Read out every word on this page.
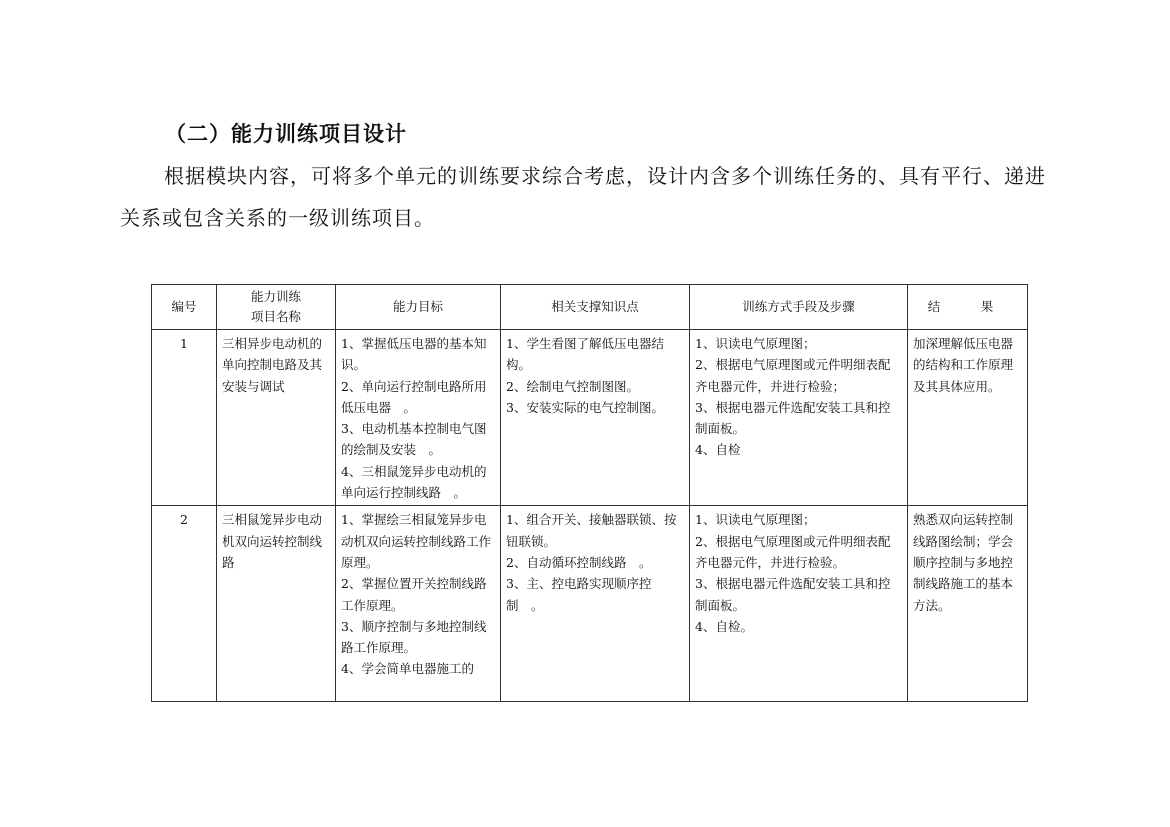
（二）能力训练项目设计

根据模块内容，可将多个单元的训练要求综合考虑，设计内含多个训练任务的、具有平行、递进关系或包含关系的一级训练项目。

编号	能力训练
项目名称	能力目标	相关支撑知识点	训练方式手段及步骤	结　果
1	三相异步电动机的单向控制电路及其安装与调试	1、掌握低压电器的基本知识。
2、单向运行控制电路所用低压电器　。
3、电动机基本控制电气图的绘制及安装　。
4、三相鼠笼异步电动机的单向运行控制线路　。	1、学生看图了解低压电器结构。
2、绘制电气控制图图。
3、安装实际的电气控制图。	1、识读电气原理图；
2、根据电气原理图或元件明细表配齐电器元件，并进行检验；
3、根据电器元件选配安装工具和控制面板。
4、自检	加深理解低压电器的结构和工作原理及其具体应用。
2	三相鼠笼异步电动机双向运转控制线路	1、掌握绘三相鼠笼异步电动机双向运转控制线路工作原理。
2、掌握位置开关控制线路
工作原理。
3、顺序控制与多地控制线路工作原理。
4、学会简单电器施工的	1、组合开关、接触器联锁、按钮联锁。
2、自动循环控制线路　。
3、主、控电路实现顺序控制　。	1、识读电气原理图；
2、根据电气原理图或元件明细表配齐电器元件，并进行检验。
3、根据电器元件选配安装工具和控制面板。
4、自检。	熟悉双向运转控制线路图绘制；学会顺序控制与多地控制线路施工的基本方法。
